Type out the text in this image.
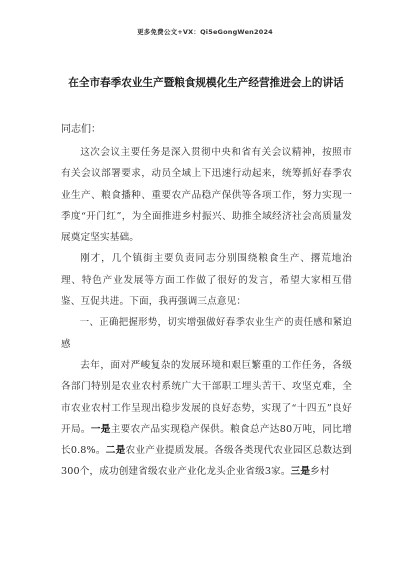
更多免费公文+VX：Qi5eGongWen2024
在全市春季农业生产暨粮食规模化生产经营推进会上的讲话

同志们：

这次会议主要任务是深入贯彻中央和省有关会议精神，按照市有关会议部署要求，动员全域上下迅速行动起来，统筹抓好春季农业生产、粮食播种、重要农产品稳产保供等各项工作，努力实现一季度“开门红”，为全面推进乡村振兴、助推全域经济社会高质量发展奠定坚实基础。

刚才，几个镇街主要负责同志分别围绕粮食生产、撂荒地治理、特色产业发展等方面工作做了很好的发言，希望大家相互借鉴、互促共进。下面，我再强调三点意见：

一、正确把握形势，切实增强做好春季农业生产的责任感和紧迫感

去年，面对严峻复杂的发展环境和艰巨繁重的工作任务，各级各部门特别是农业农村系统广大干部职工埋头苦干、攻坚克难，全市农业农村工作呈现出稳步发展的良好态势，实现了“十四五”良好开局。一是主要农产品实现稳产保供。粮食总产达80万吨，同比增长0.8%。二是农业产业提质发展。各级各类现代农业园区总数达到300个，成功创建省级农业产业化龙头企业省级3家。三是乡村
